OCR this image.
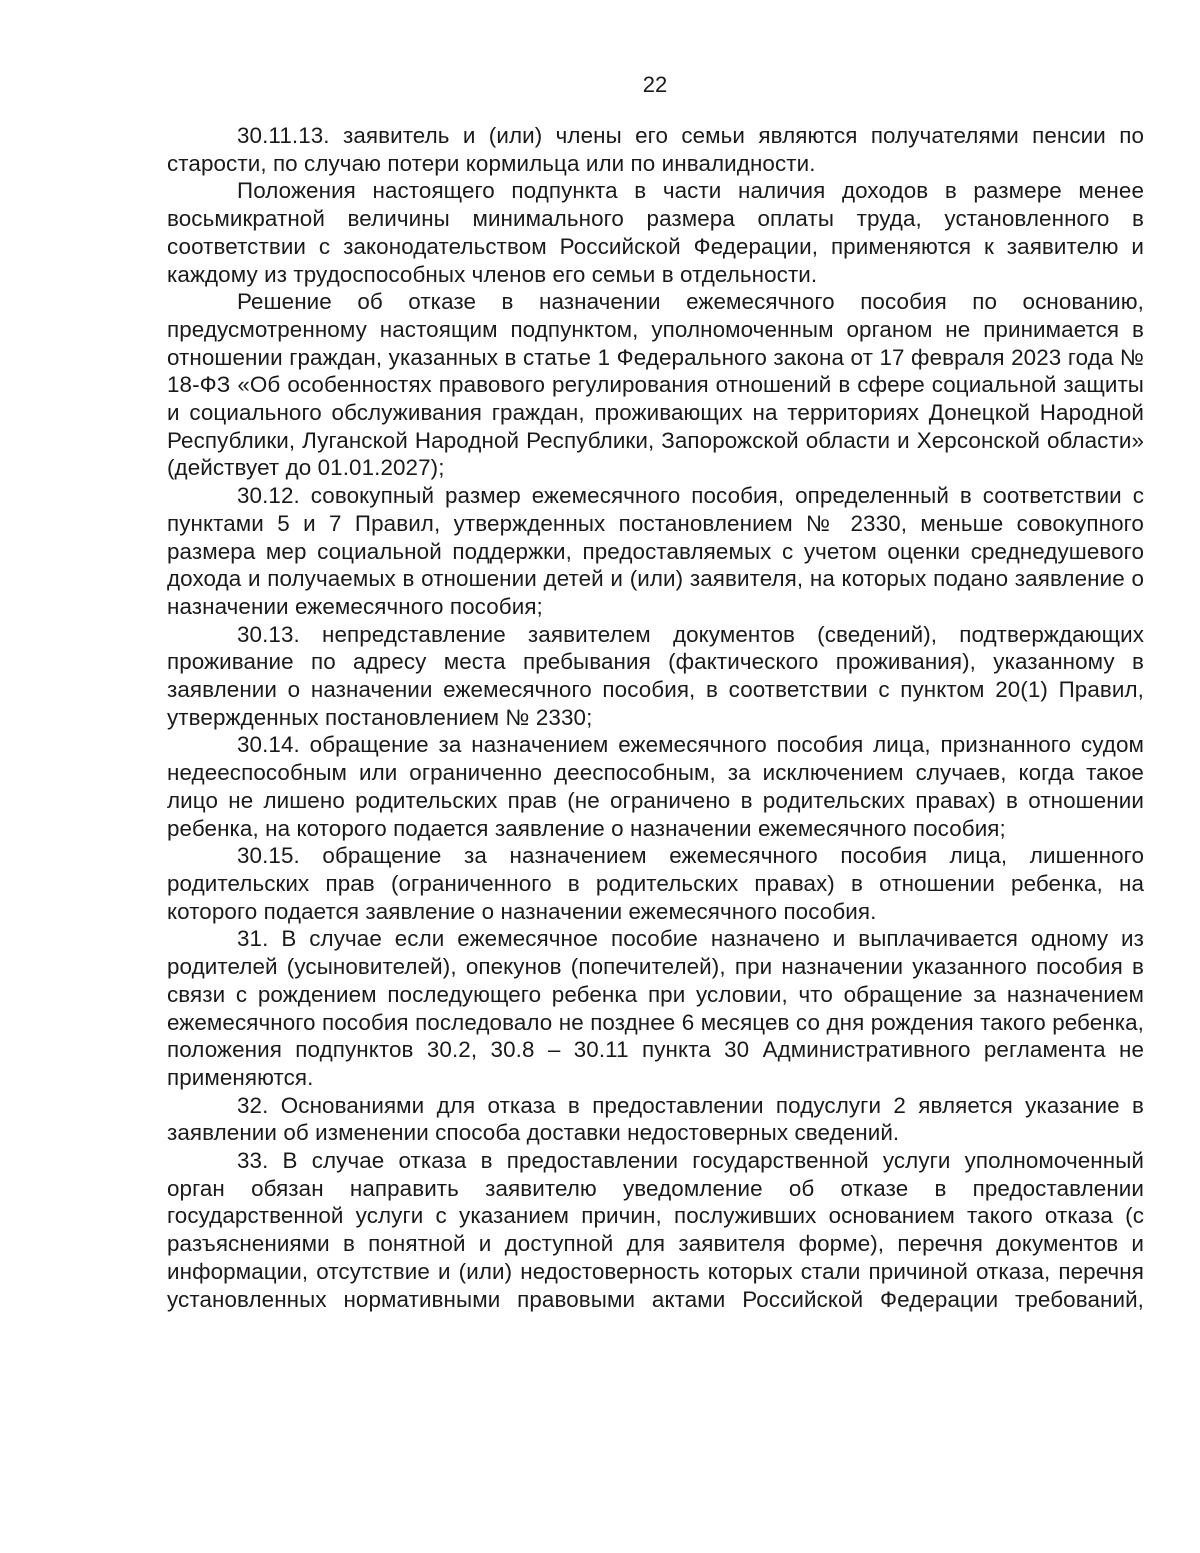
22

30.11.13. заявитель и (или) члены его семьи являются получателями пенсии по старости, по случаю потери кормильца или по инвалидности.

Положения настоящего подпункта в части наличия доходов в размере менее восьмикратной величины минимального размера оплаты труда, установленного в соответствии с законодательством Российской Федерации, применяются к заявителю и каждому из трудоспособных членов его семьи в отдельности.

Решение об отказе в назначении ежемесячного пособия по основанию, предусмотренному настоящим подпунктом, уполномоченным органом не принимается в отношении граждан, указанных в статье 1 Федерального закона от 17 февраля 2023 года № 18-ФЗ «Об особенностях правового регулирования отношений в сфере социальной защиты и социального обслуживания граждан, проживающих на территориях Донецкой Народной Республики, Луганской Народной Республики, Запорожской области и Херсонской области» (действует до 01.01.2027);

30.12. совокупный размер ежемесячного пособия, определенный в соответствии с пунктами 5 и 7 Правил, утвержденных постановлением № 2330, меньше совокупного размера мер социальной поддержки, предоставляемых с учетом оценки среднедушевого дохода и получаемых в отношении детей и (или) заявителя, на которых подано заявление о назначении ежемесячного пособия;

30.13. непредставление заявителем документов (сведений), подтверждающих проживание по адресу места пребывания (фактического проживания), указанному в заявлении о назначении ежемесячного пособия, в соответствии с пунктом 20(1) Правил, утвержденных постановлением № 2330;

30.14. обращение за назначением ежемесячного пособия лица, признанного судом недееспособным или ограниченно дееспособным, за исключением случаев, когда такое лицо не лишено родительских прав (не ограничено в родительских правах) в отношении ребенка, на которого подается заявление о назначении ежемесячного пособия;

30.15. обращение за назначением ежемесячного пособия лица, лишенного родительских прав (ограниченного в родительских правах) в отношении ребенка, на которого подается заявление о назначении ежемесячного пособия.

31. В случае если ежемесячное пособие назначено и выплачивается одному из родителей (усыновителей), опекунов (попечителей), при назначении указанного пособия в связи с рождением последующего ребенка при условии, что обращение за назначением ежемесячного пособия последовало не позднее 6 месяцев со дня рождения такого ребенка, положения подпунктов 30.2, 30.8 – 30.11 пункта 30 Административного регламента не применяются.

32. Основаниями для отказа в предоставлении подуслуги 2 является указание в заявлении об изменении способа доставки недостоверных сведений.

33. В случае отказа в предоставлении государственной услуги уполномоченный орган обязан направить заявителю уведомление об отказе в предоставлении государственной услуги с указанием причин, послуживших основанием такого отказа (с разъяснениями в понятной и доступной для заявителя форме), перечня документов и информации, отсутствие и (или) недостоверность которых стали причиной отказа, перечня установленных нормативными правовыми актами Российской Федерации требований,
